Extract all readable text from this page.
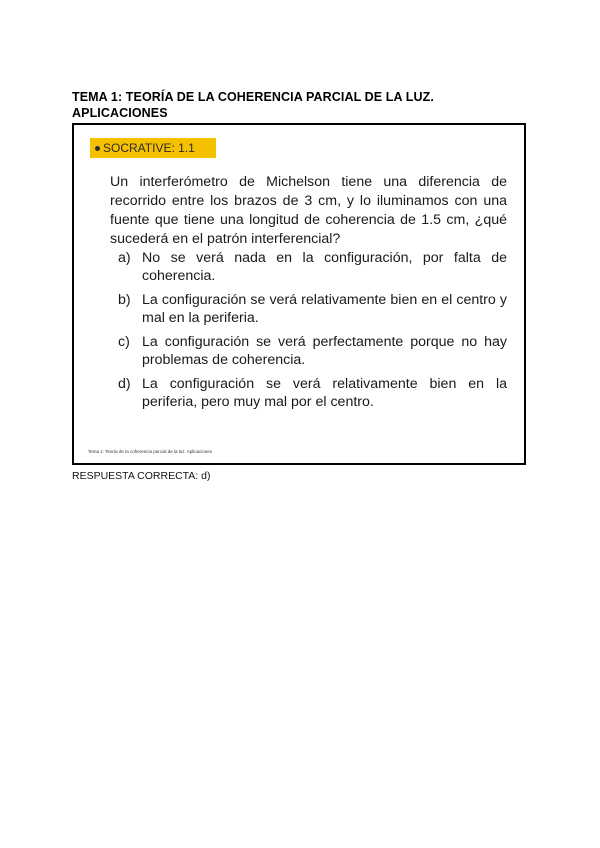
TEMA 1: TEORÍA DE LA COHERENCIA PARCIAL DE LA LUZ.
APLICACIONES
SOCRATIVE: 1.1
Un interferómetro de Michelson tiene una diferencia de recorrido entre los brazos de 3 cm, y lo iluminamos con una fuente que tiene una longitud de coherencia de 1.5 cm, ¿qué sucederá en el patrón interferencial?
a) No se verá nada en la configuración, por falta de coherencia.
b) La configuración se verá relativamente bien en el centro y mal en la periferia.
c) La configuración se verá perfectamente porque no hay problemas de coherencia.
d) La configuración se verá relativamente bien en la periferia, pero muy mal por el centro.
Tema 1: Teoría de la coherencia parcial de la luz. Aplicaciones
RESPUESTA CORRECTA: d)
